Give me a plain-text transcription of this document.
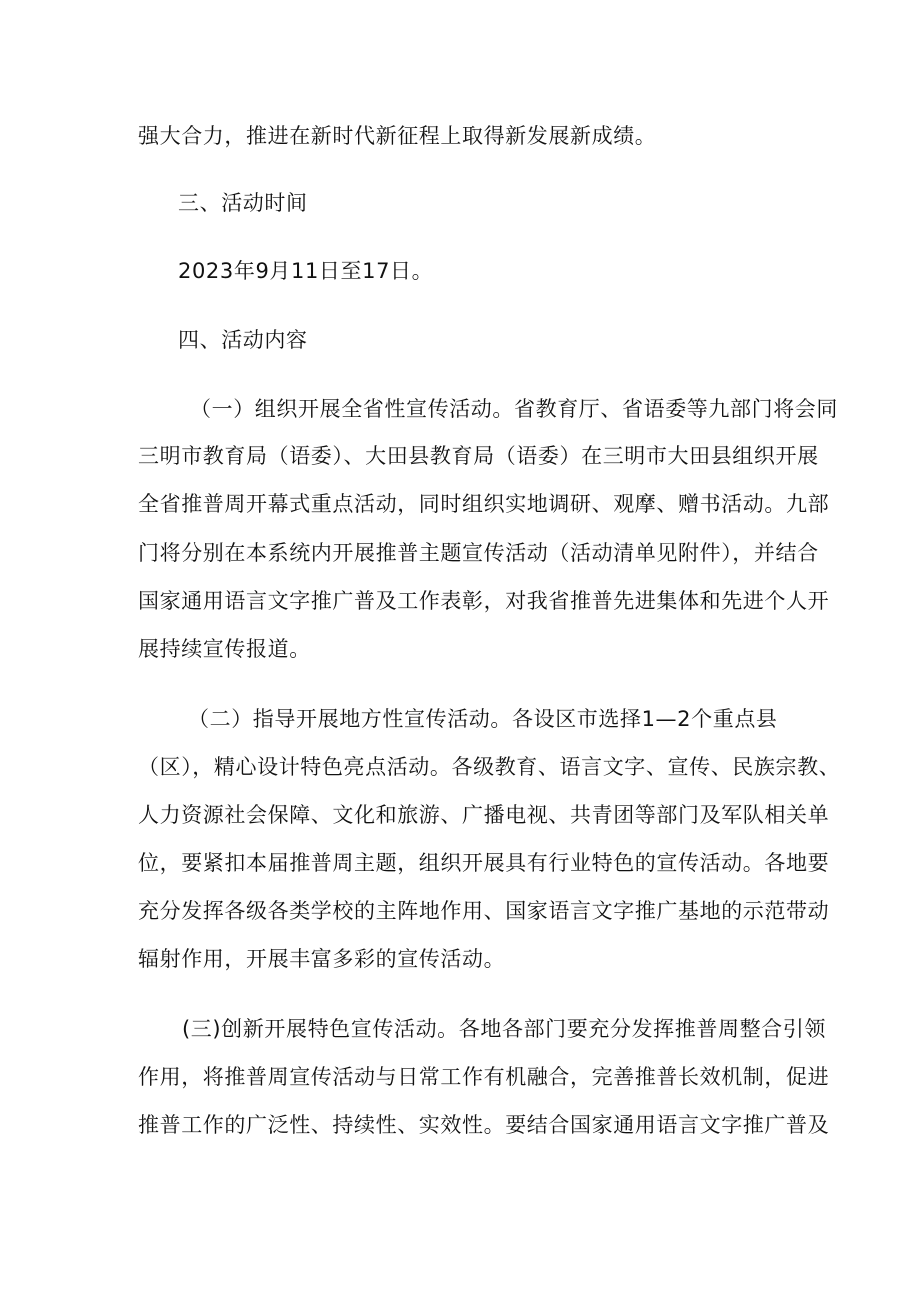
强大合力，推进在新时代新征程上取得新发展新成绩。
三、活动时间
2023年9月11日至17日。
四、活动内容
（一）组织开展全省性宣传活动。省教育厅、省语委等九部门将会同
三明市教育局（语委）、大田县教育局（语委）在三明市大田县组织开展
全省推普周开幕式重点活动，同时组织实地调研、观摩、赠书活动。九部
门将分别在本系统内开展推普主题宣传活动（活动清单见附件），并结合
国家通用语言文字推广普及工作表彰，对我省推普先进集体和先进个人开
展持续宣传报道。
（二）指导开展地方性宣传活动。各设区市选择1—2个重点县
（区），精心设计特色亮点活动。各级教育、语言文字、宣传、民族宗教、
人力资源社会保障、文化和旅游、广播电视、共青团等部门及军队相关单
位，要紧扣本届推普周主题，组织开展具有行业特色的宣传活动。各地要
充分发挥各级各类学校的主阵地作用、国家语言文字推广基地的示范带动
辐射作用，开展丰富多彩的宣传活动。
(三)创新开展特色宣传活动。各地各部门要充分发挥推普周整合引领
作用，将推普周宣传活动与日常工作有机融合，完善推普长效机制，促进
推普工作的广泛性、持续性、实效性。要结合国家通用语言文字推广普及
